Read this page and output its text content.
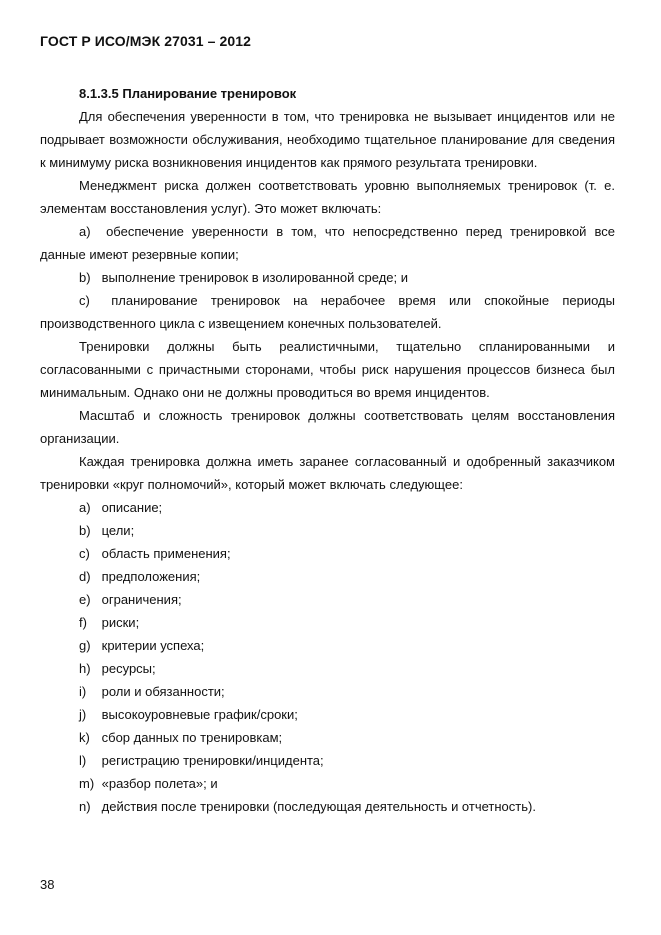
ГОСТ Р ИСО/МЭК 27031 – 2012

8.1.3.5 Планирование тренировок

Для обеспечения уверенности в том, что тренировка не вызывает инцидентов или не подрывает возможности обслуживания, необходимо тщательное планирование для сведения к минимуму риска возникновения инцидентов как прямого результата тренировки.

Менеджмент риска должен соответствовать уровню выполняемых тренировок (т. е. элементам восстановления услуг). Это может включать:

a) обеспечение уверенности в том, что непосредственно перед тренировкой все данные имеют резервные копии;

b) выполнение тренировок в изолированной среде; и

c) планирование тренировок на нерабочее время или спокойные периоды производственного цикла с извещением конечных пользователей.

Тренировки должны быть реалистичными, тщательно спланированными и согласованными с причастными сторонами, чтобы риск нарушения процессов бизнеса был минимальным. Однако они не должны проводиться во время инцидентов.

Масштаб и сложность тренировок должны соответствовать целям восстановления организации.

Каждая тренировка должна иметь заранее согласованный и одобренный заказчиком тренировки «круг полномочий», который может включать следующее:

a) описание;

b) цели;

c) область применения;

d) предположения;

e) ограничения;

f) риски;

g) критерии успеха;

h) ресурсы;

i) роли и обязанности;

j) высокоуровневые график/сроки;

k) сбор данных по тренировкам;

l) регистрацию тренировки/инцидента;

m) «разбор полета»; и

n) действия после тренировки (последующая деятельность и отчетность).

38
